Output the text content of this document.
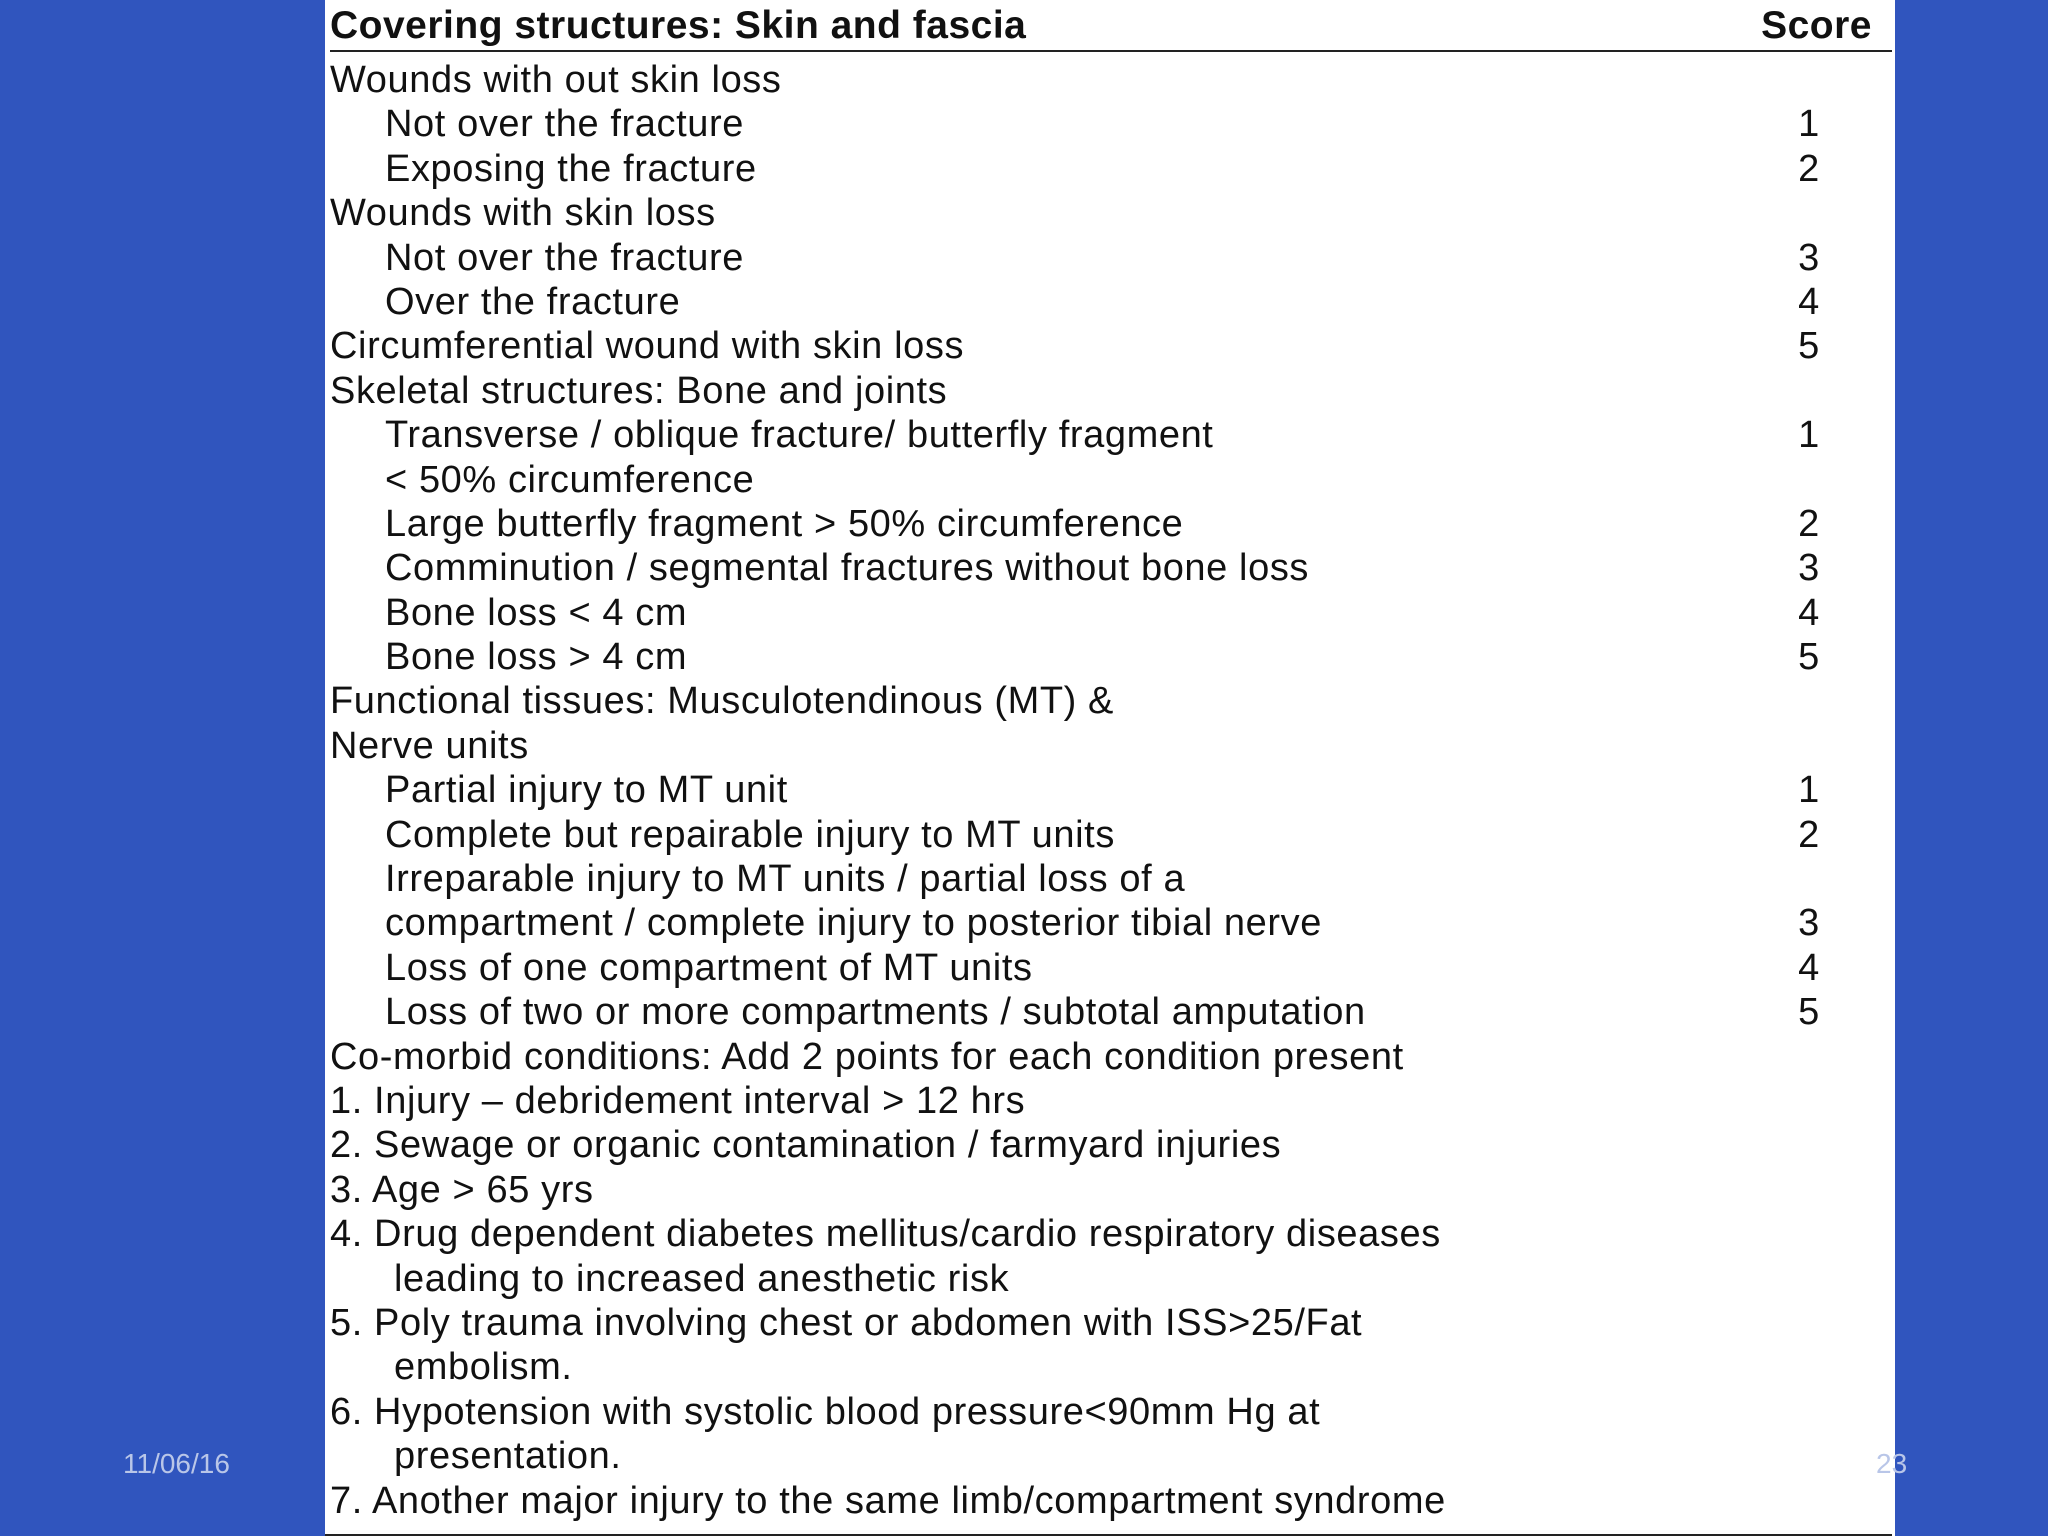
Covering structures: Skin and fascia	Score
Wounds with out skin loss
Not over the fracture	1
Exposing the fracture	2
Wounds with skin loss
Not over the fracture	3
Over the fracture	4
Circumferential wound with skin loss	5
Skeletal structures: Bone and joints
Transverse / oblique fracture/ butterfly fragment	1
< 50% circumference
Large butterfly fragment > 50% circumference	2
Comminution / segmental fractures without bone loss	3
Bone loss < 4 cm	4
Bone loss > 4 cm	5
Functional tissues: Musculotendinous (MT) &
Nerve units
Partial injury to MT unit	1
Complete but repairable injury to MT units	2
Irreparable injury to MT units / partial loss of a
compartment / complete injury to posterior tibial nerve	3
Loss of one compartment of MT units	4
Loss of two or more compartments / subtotal amputation	5
Co-morbid conditions: Add 2 points for each condition present
1. Injury – debridement interval > 12 hrs
2. Sewage or organic contamination / farmyard injuries
3. Age > 65 yrs
4. Drug dependent diabetes mellitus/cardio respiratory diseases
leading to increased anesthetic risk
5. Poly trauma involving chest or abdomen with ISS>25/Fat
embolism.
6. Hypotension with systolic blood pressure<90mm Hg at
presentation.
7. Another major injury to the same limb/compartment syndrome
11/06/16	23
